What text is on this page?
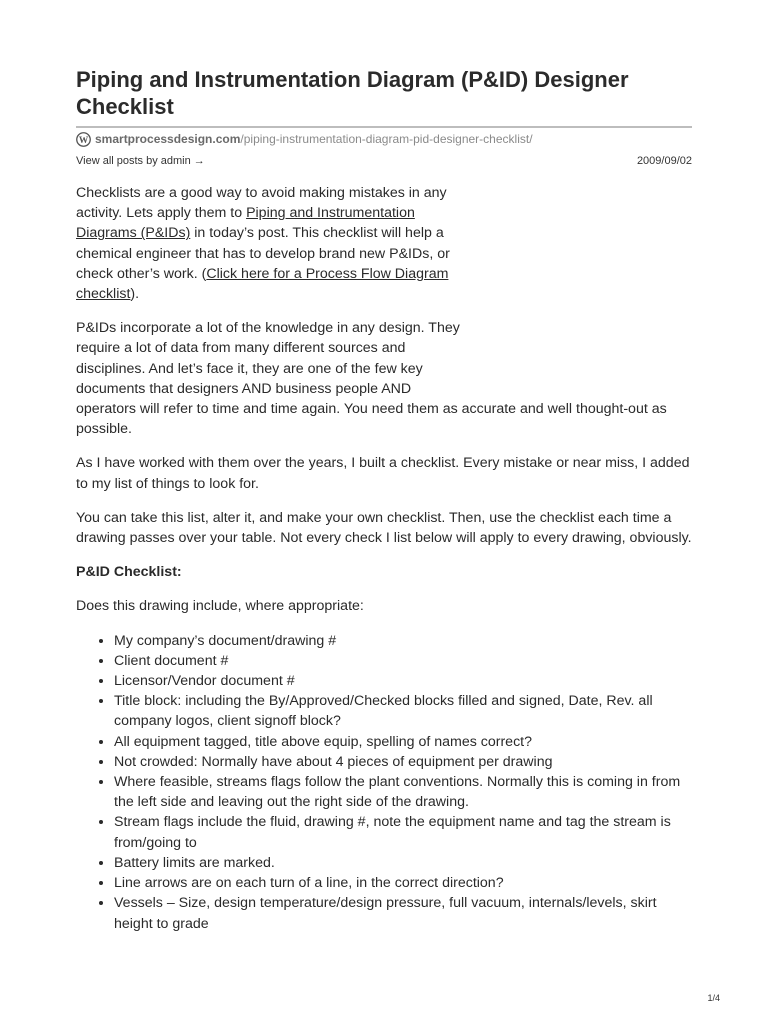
Piping and Instrumentation Diagram (P&ID) Designer Checklist
W smartprocessdesign.com /piping-instrumentation-diagram-pid-designer-checklist/
View all posts by admin →	2009/09/02

Checklists are a good way to avoid making mistakes in any activity. Lets apply them to Piping and Instrumentation Diagrams (P&IDs) in today’s post. This checklist will help a chemical engineer that has to develop brand new P&IDs, or check other’s work. (Click here for a Process Flow Diagram checklist).

P&IDs incorporate a lot of the knowledge in any design. They require a lot of data from many different sources and disciplines. And let’s face it, they are one of the few key documents that designers AND business people AND
operators will refer to time and time again. You need them as accurate and well thought-out as possible.

As I have worked with them over the years, I built a checklist. Every mistake or near miss, I added to my list of things to look for.

You can take this list, alter it, and make your own checklist. Then, use the checklist each time a drawing passes over your table. Not every check I list below will apply to every drawing, obviously.

P&ID Checklist:

Does this drawing include, where appropriate:

• My company’s document/drawing #
• Client document #
• Licensor/Vendor document #
• Title block: including the By/Approved/Checked blocks filled and signed, Date, Rev. all company logos, client signoff block?
• All equipment tagged, title above equip, spelling of names correct?
• Not crowded: Normally have about 4 pieces of equipment per drawing
• Where feasible, streams flags follow the plant conventions. Normally this is coming in from the left side and leaving out the right side of the drawing.
• Stream flags include the fluid, drawing #, note the equipment name and tag the stream is from/going to
• Battery limits are marked.
• Line arrows are on each turn of a line, in the correct direction?
• Vessels – Size, design temperature/design pressure, full vacuum, internals/levels, skirt height to grade
1/4
